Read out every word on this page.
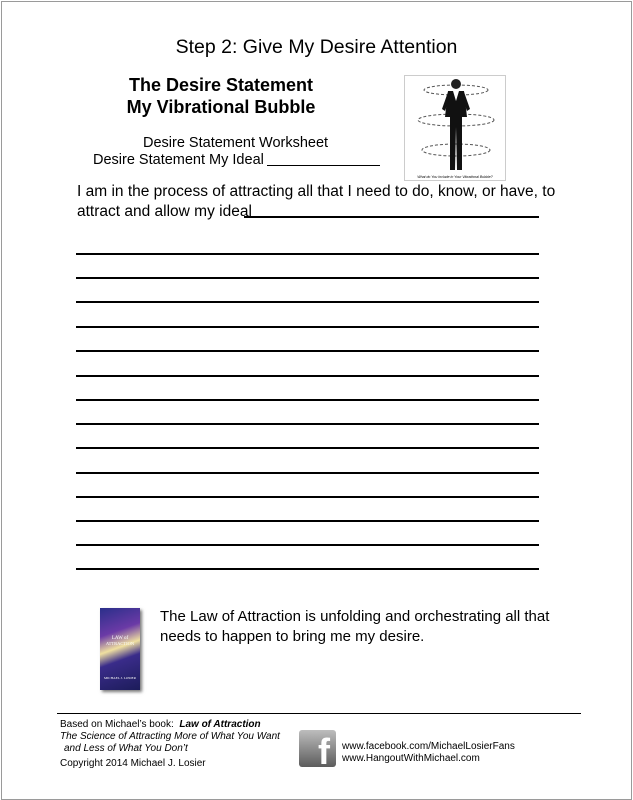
Step 2: Give My Desire Attention
The Desire Statement
My Vibrational Bubble
Desire Statement Worksheet
Desire Statement My Ideal
What do You Include in Your Vibrational Bubble?
I am in the process of attracting all that I need to do, know, or have, to
attract and allow my ideal
LAW of
ATTRACTION
MICHAEL J. LOSIER
The Law of Attraction is unfolding and orchestrating all that
needs to happen to bring me my desire.
Based on Michael’s book: Law of Attraction
The Science of Attracting More of What You Want
and Less of What You Don’t
Copyright 2014 Michael J. Losier	f www.facebook.com/MichaelLosierFans
www.HangoutWithMichael.com
